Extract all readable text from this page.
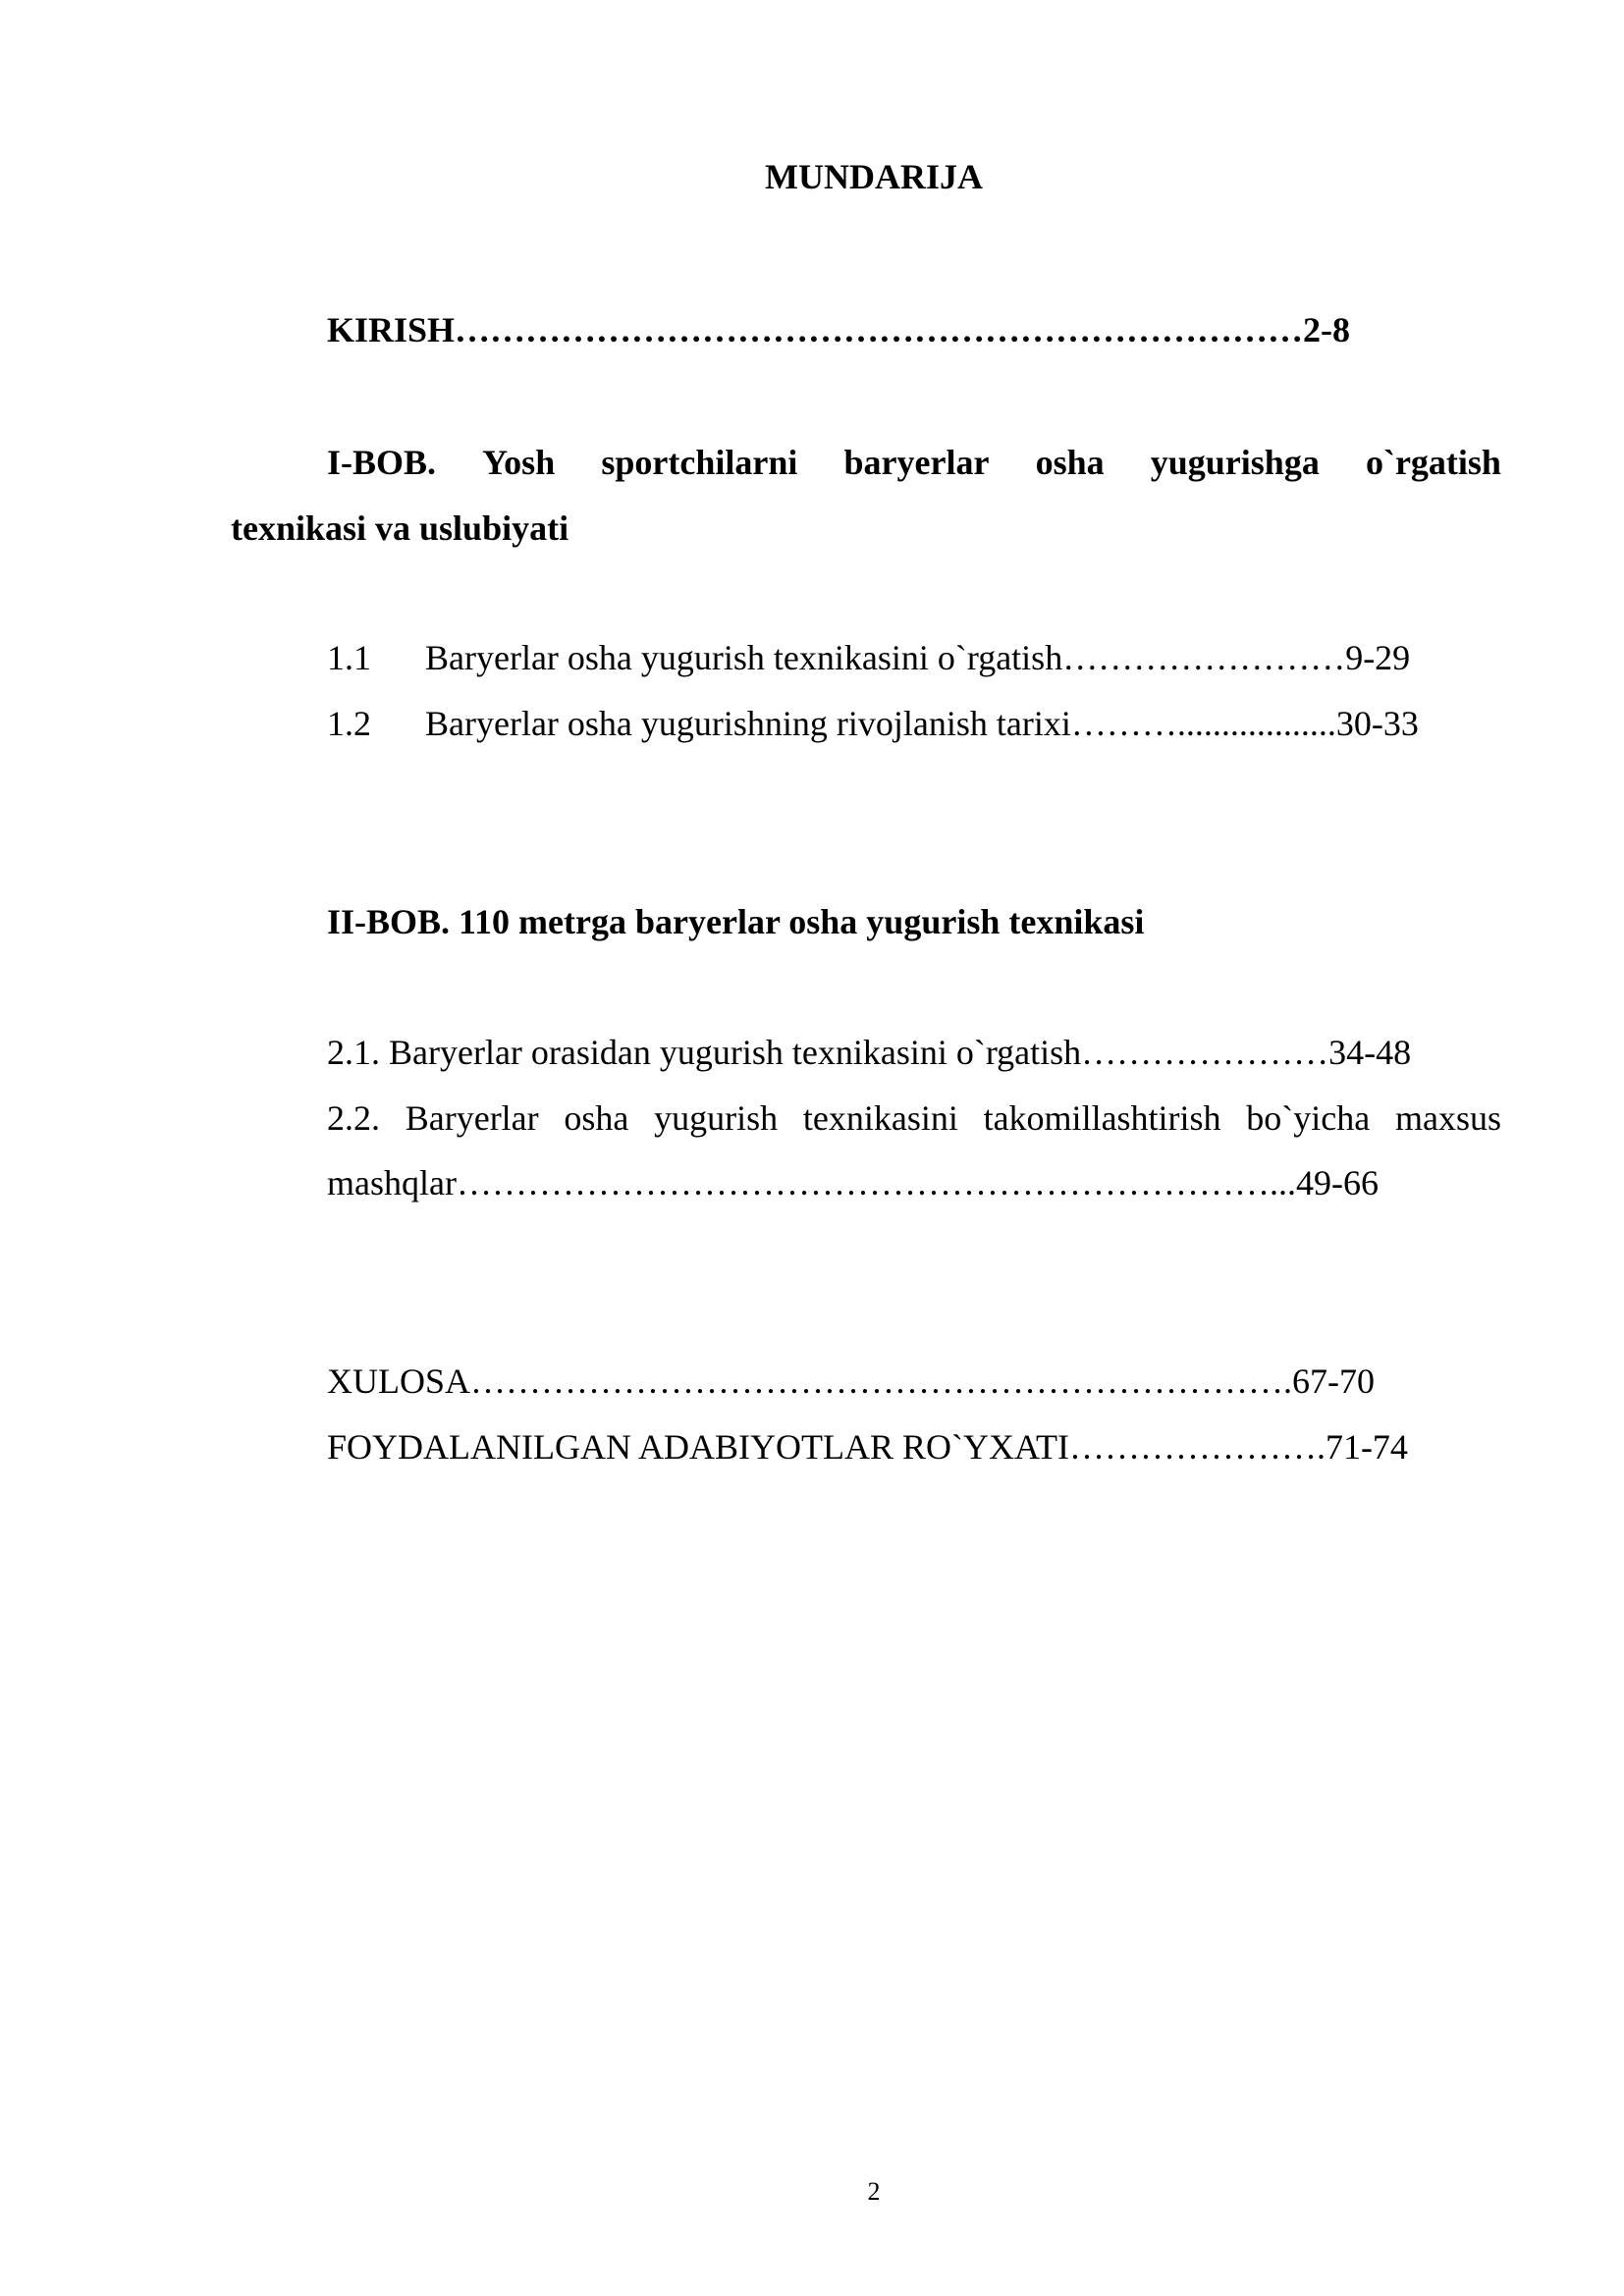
MUNDARIJA
KIRISH………………………………………………………………2-8
I-BOB. Yosh sportchilarni baryerlar osha yugurishga o`rgatish
texnikasi va uslubiyati
1.1 Baryerlar osha yugurish texnikasini o`rgatish……………………9-29
1.2 Baryerlar osha yugurishning rivojlanish tarixi………..................30-33
II-BOB. 110 metrga baryerlar osha yugurish texnikasi
2.1. Baryerlar orasidan yugurish texnikasini o`rgatish…………………34-48
2.2. Baryerlar osha yugurish texnikasini takomillashtirish bo`yicha maxsus
mashqlar……………………………………………………………...49-66
XULOSA…………………………………………………………….67-70
FOYDALANILGAN ADABIYOTLAR RO`YXATI………………….71-74
2
